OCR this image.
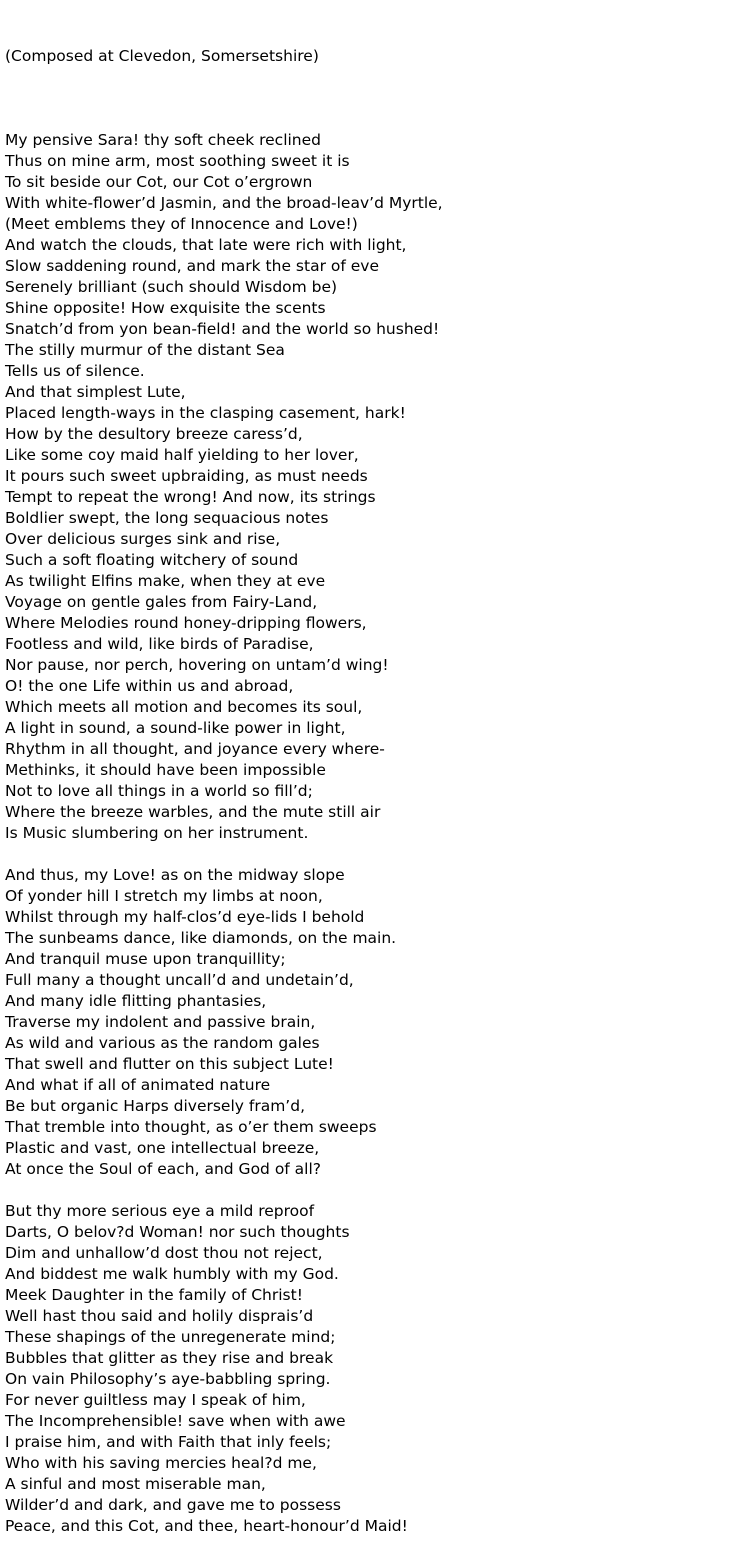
(Composed at Clevedon, Somersetshire)

My pensive Sara! thy soft cheek reclined
Thus on mine arm, most soothing sweet it is
To sit beside our Cot, our Cot o’ergrown
With white-flower’d Jasmin, and the broad-leav’d Myrtle,
(Meet emblems they of Innocence and Love!)
And watch the clouds, that late were rich with light,
Slow saddening round, and mark the star of eve
Serenely brilliant (such should Wisdom be)
Shine opposite! How exquisite the scents
Snatch’d from yon bean-field! and the world so hushed!
The stilly murmur of the distant Sea
Tells us of silence.
And that simplest Lute,
Placed length-ways in the clasping casement, hark!
How by the desultory breeze caress’d,
Like some coy maid half yielding to her lover,
It pours such sweet upbraiding, as must needs
Tempt to repeat the wrong! And now, its strings
Boldlier swept, the long sequacious notes
Over delicious surges sink and rise,
Such a soft floating witchery of sound
As twilight Elfins make, when they at eve
Voyage on gentle gales from Fairy-Land,
Where Melodies round honey-dripping flowers,
Footless and wild, like birds of Paradise,
Nor pause, nor perch, hovering on untam’d wing!
O! the one Life within us and abroad,
Which meets all motion and becomes its soul,
A light in sound, a sound-like power in light,
Rhythm in all thought, and joyance every where-
Methinks, it should have been impossible
Not to love all things in a world so fill’d;
Where the breeze warbles, and the mute still air
Is Music slumbering on her instrument.
And thus, my Love! as on the midway slope
Of yonder hill I stretch my limbs at noon,
Whilst through my half-clos’d eye-lids I behold
The sunbeams dance, like diamonds, on the main.
And tranquil muse upon tranquillity;
Full many a thought uncall’d and undetain’d,
And many idle flitting phantasies,
Traverse my indolent and passive brain,
As wild and various as the random gales
That swell and flutter on this subject Lute!
And what if all of animated nature
Be but organic Harps diversely fram’d,
That tremble into thought, as o’er them sweeps
Plastic and vast, one intellectual breeze,
At once the Soul of each, and God of all?
But thy more serious eye a mild reproof
Darts, O belov?d Woman! nor such thoughts
Dim and unhallow’d dost thou not reject,
And biddest me walk humbly with my God.
Meek Daughter in the family of Christ!
Well hast thou said and holily disprais’d
These shapings of the unregenerate mind;
Bubbles that glitter as they rise and break
On vain Philosophy’s aye-babbling spring.
For never guiltless may I speak of him,
The Incomprehensible! save when with awe
I praise him, and with Faith that inly feels;
Who with his saving mercies heal?d me,
A sinful and most miserable man,
Wilder’d and dark, and gave me to possess
Peace, and this Cot, and thee, heart-honour’d Maid!
